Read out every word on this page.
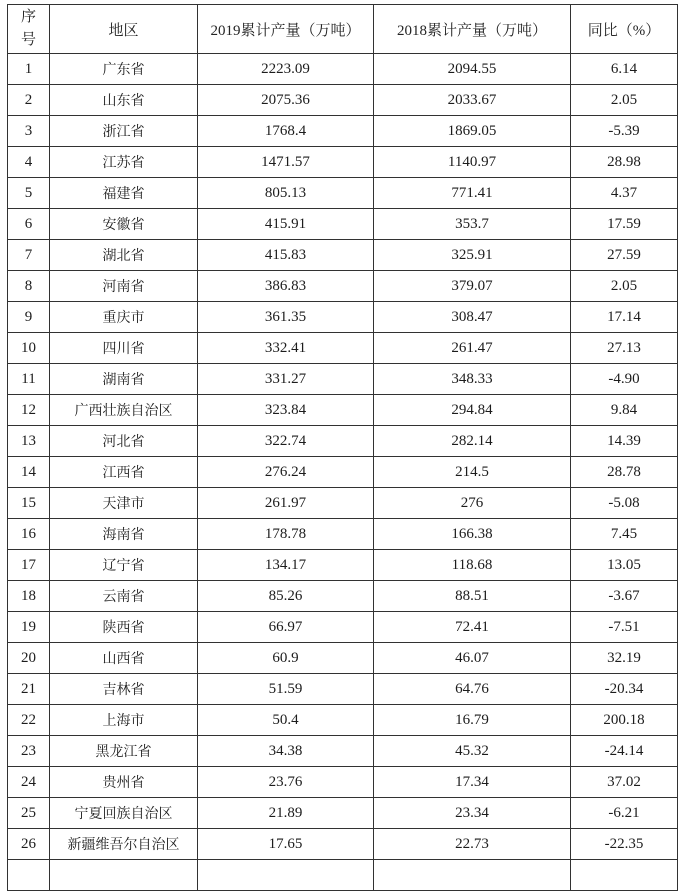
序号	地区	2019累计产量（万吨）	2018累计产量（万吨）	同比（%）
1	广东省	2223.09	2094.55	6.14
2	山东省	2075.36	2033.67	2.05
3	浙江省	1768.4	1869.05	-5.39
4	江苏省	1471.57	1140.97	28.98
5	福建省	805.13	771.41	4.37
6	安徽省	415.91	353.7	17.59
7	湖北省	415.83	325.91	27.59
8	河南省	386.83	379.07	2.05
9	重庆市	361.35	308.47	17.14
10	四川省	332.41	261.47	27.13
11	湖南省	331.27	348.33	-4.90
12	广西壮族自治区	323.84	294.84	9.84
13	河北省	322.74	282.14	14.39
14	江西省	276.24	214.5	28.78
15	天津市	261.97	276	-5.08
16	海南省	178.78	166.38	7.45
17	辽宁省	134.17	118.68	13.05
18	云南省	85.26	88.51	-3.67
19	陕西省	66.97	72.41	-7.51
20	山西省	60.9	46.07	32.19
21	吉林省	51.59	64.76	-20.34
22	上海市	50.4	16.79	200.18
23	黑龙江省	34.38	45.32	-24.14
24	贵州省	23.76	17.34	37.02
25	宁夏回族自治区	21.89	23.34	-6.21
26	新疆维吾尔自治区	17.65	22.73	-22.35
